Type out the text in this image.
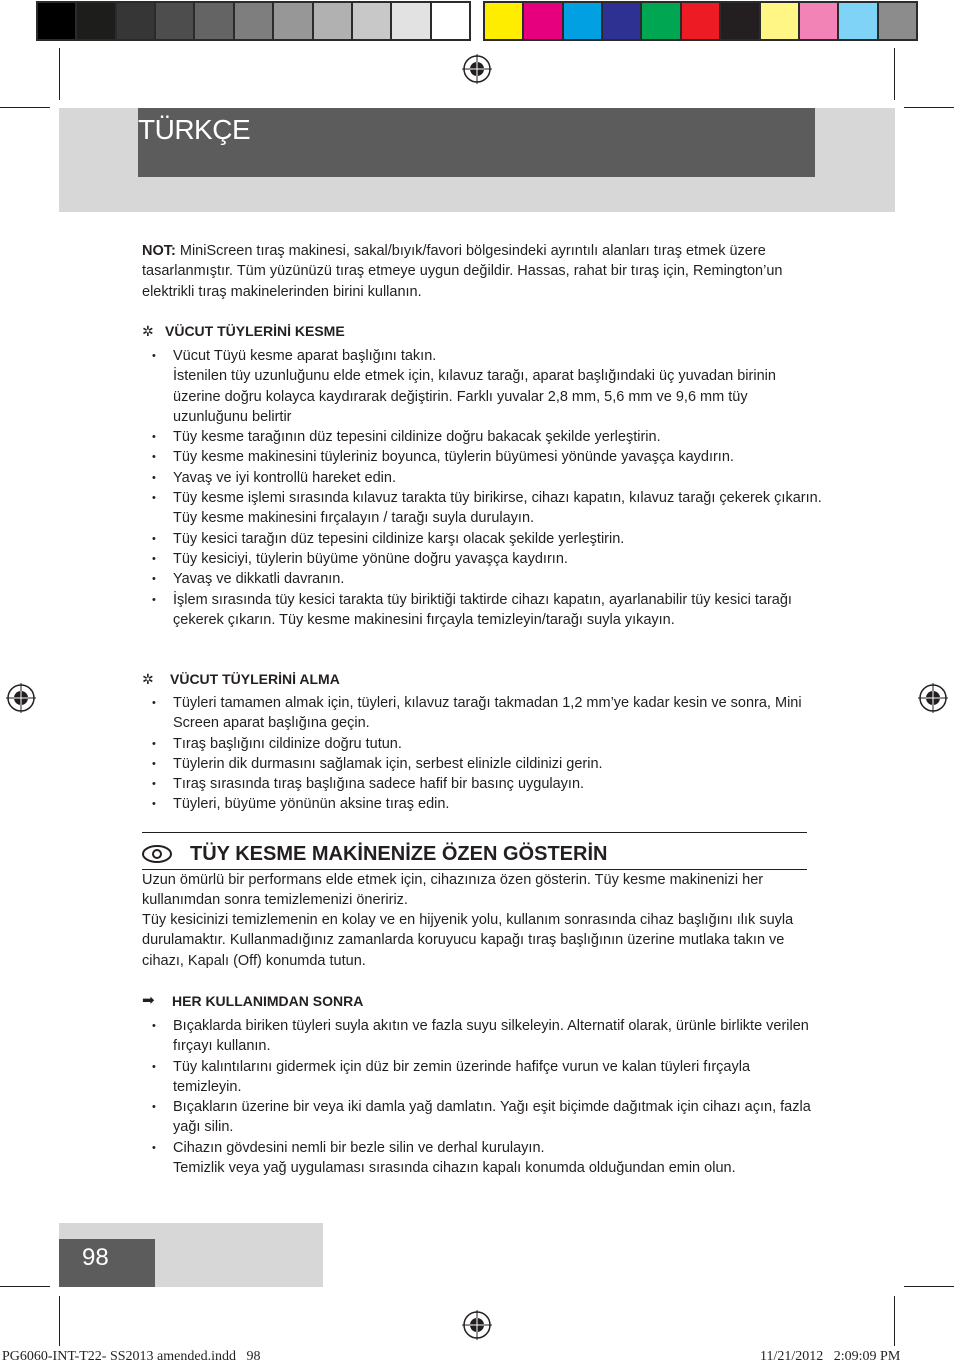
TÜRKÇE

NOT: MiniScreen tıraş makinesi, sakal/bıyık/favori bölgesindeki ayrıntılı alanları tıraş etmek üzere tasarlanmıştır. Tüm yüzünüzü tıraş etmeye uygun değildir. Hassas, rahat bir tıraş için, Remington’un elektrikli tıraş makinelerinden birini kullanın.

✲ VÜCUT TÜYLERİNİ KESME
• Vücut Tüyü kesme aparat başlığını takın.
İstenilen tüy uzunluğunu elde etmek için, kılavuz tarağı, aparat başlığındaki üç yuvadan birinin üzerine doğru kolayca kaydırarak değiştirin. Farklı yuvalar 2,8 mm, 5,6 mm ve 9,6 mm tüy uzunluğunu belirtir
• Tüy kesme tarağının düz tepesini cildinize doğru bakacak şekilde yerleştirin.
• Tüy kesme makinesini tüyleriniz boyunca, tüylerin büyümesi yönünde yavaşça kaydırın.
• Yavaş ve iyi kontrollü hareket edin.
• Tüy kesme işlemi sırasında kılavuz tarakta tüy birikirse, cihazı kapatın, kılavuz tarağı çekerek çıkarın. Tüy kesme makinesini fırçalayın / tarağı suyla durulayın.
• Tüy kesici tarağın düz tepesini cildinize karşı olacak şekilde yerleştirin.
• Tüy kesiciyi, tüylerin büyüme yönüne doğru yavaşça kaydırın.
• Yavaş ve dikkatli davranın.
• İşlem sırasında tüy kesici tarakta tüy biriktiği taktirde cihazı kapatın, ayarlanabilir tüy kesici tarağı çekerek çıkarın. Tüy kesme makinesini fırçayla temizleyin/tarağı suyla yıkayın.
✲ VÜCUT TÜYLERİNİ ALMA
• Tüyleri tamamen almak için, tüyleri, kılavuz tarağı takmadan 1,2 mm’ye kadar kesin ve sonra, Mini Screen aparat başlığına geçin.
• Tıraş başlığını cildinize doğru tutun.
• Tüylerin dik durmasını sağlamak için, serbest elinizle cildinizi gerin.
• Tıraş sırasında tıraş başlığına sadece hafif bir basınç uygulayın.
• Tüyleri, büyüme yönünün aksine tıraş edin.
TÜY KESME MAKİNENİZE ÖZEN GÖSTERİN

Uzun ömürlü bir performans elde etmek için, cihazınıza özen gösterin. Tüy kesme makinenizi her kullanımdan sonra temizlemenizi öneririz.

Tüy kesicinizi temizlemenin en kolay ve en hijyenik yolu, kullanım sonrasında cihaz başlığını ılık suyla durulamaktır. Kullanmadığınız zamanlarda koruyucu kapağı tıraş başlığının üzerine mutlaka takın ve cihazı, Kapalı (Off) konumda tutun.

➡ HER KULLANIMDAN SONRA
• Bıçaklarda biriken tüyleri suyla akıtın ve fazla suyu silkeleyin. Alternatif olarak, ürünle birlikte verilen fırçayı kullanın.
• Tüy kalıntılarını gidermek için düz bir zemin üzerinde hafifçe vurun ve kalan tüyleri fırçayla temizleyin.
• Bıçakların üzerine bir veya iki damla yağ damlatın. Yağı eşit biçimde dağıtmak için cihazı açın, fazla yağı silin.
• Cihazın gövdesini nemli bir bezle silin ve derhal kurulayın.
Temizlik veya yağ uygulaması sırasında cihazın kapalı konumda olduğundan emin olun.
98
PG6060-INT-T22- SS2013 amended.indd   98	11/21/2012   2:09:09 PM
